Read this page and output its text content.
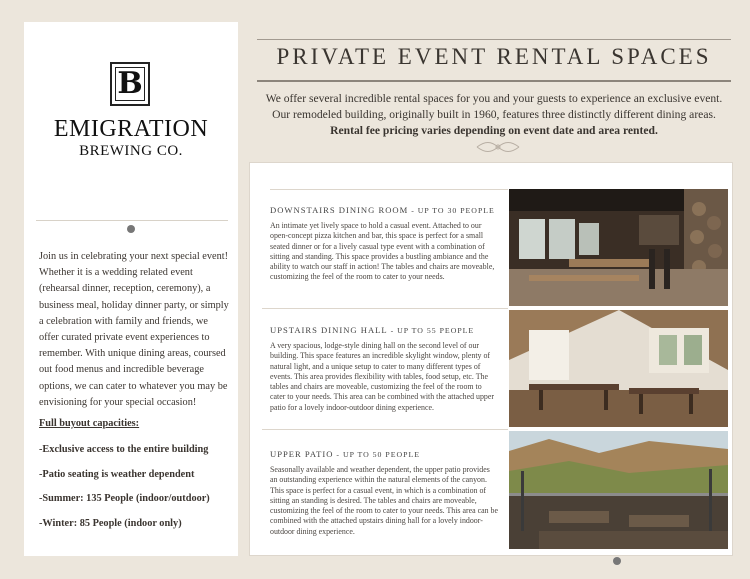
B
EMIGRATION
BREWING CO.
Join us in celebrating your next special event! Whether it is a wedding related event (rehearsal dinner, reception, ceremony), a business meal, holiday dinner party, or simply a celebration with family and friends, we offer curated private event experiences to remember. With unique dining areas, coursed out food menus and incredible beverage options, we can cater to whatever you may be envisioning for your special occasion!
Full buyout capacities:
-Exclusive access to the entire building
-Patio seating is weather dependent
-Summer: 135 People (indoor/outdoor)
-Winter: 85 People (indoor only)
PRIVATE EVENT RENTAL SPACES
We offer several incredible rental spaces for you and your guests to experience an exclusive event.
Our remodeled building, originally built in 1960, features three distinctly different dining areas.
Rental fee pricing varies depending on event date and area rented.
DOWNSTAIRS DINING ROOM - UP TO 30 PEOPLE
An intimate yet lively space to hold a casual event. Attached to our open-concept pizza kitchen and bar, this space is perfect for a small seated dinner or for a lively casual type event with a combination of sitting and standing. This space provides a bustling ambiance and the ability to watch our staff in action! The tables and chairs are moveable, customizing the feel of the room to cater to your needs.
UPSTAIRS DINING HALL - UP TO 55 PEOPLE
A very spacious, lodge-style dining hall on the second level of our building. This space features an incredible skylight window, plenty of natural light, and a unique setup to cater to many different types of events. This area provides flexibility with tables, food setup, etc. The tables and chairs are moveable, customizing the feel of the room to cater to your needs. This area can be combined with the attached upper patio for a lovely indoor-outdoor dining experience.
UPPER PATIO - UP TO 50 PEOPLE
Seasonally available and weather dependent, the upper patio provides an outstanding experience within the natural elements of the canyon. This space is perfect for a casual event, in which is a combination of sitting an standing is desired. The tables and chairs are moveable, customizing the feel of the room to cater to your needs. This area can be combined with the attached upstairs dining hall for a lovely indoor-outdoor dining experience.
